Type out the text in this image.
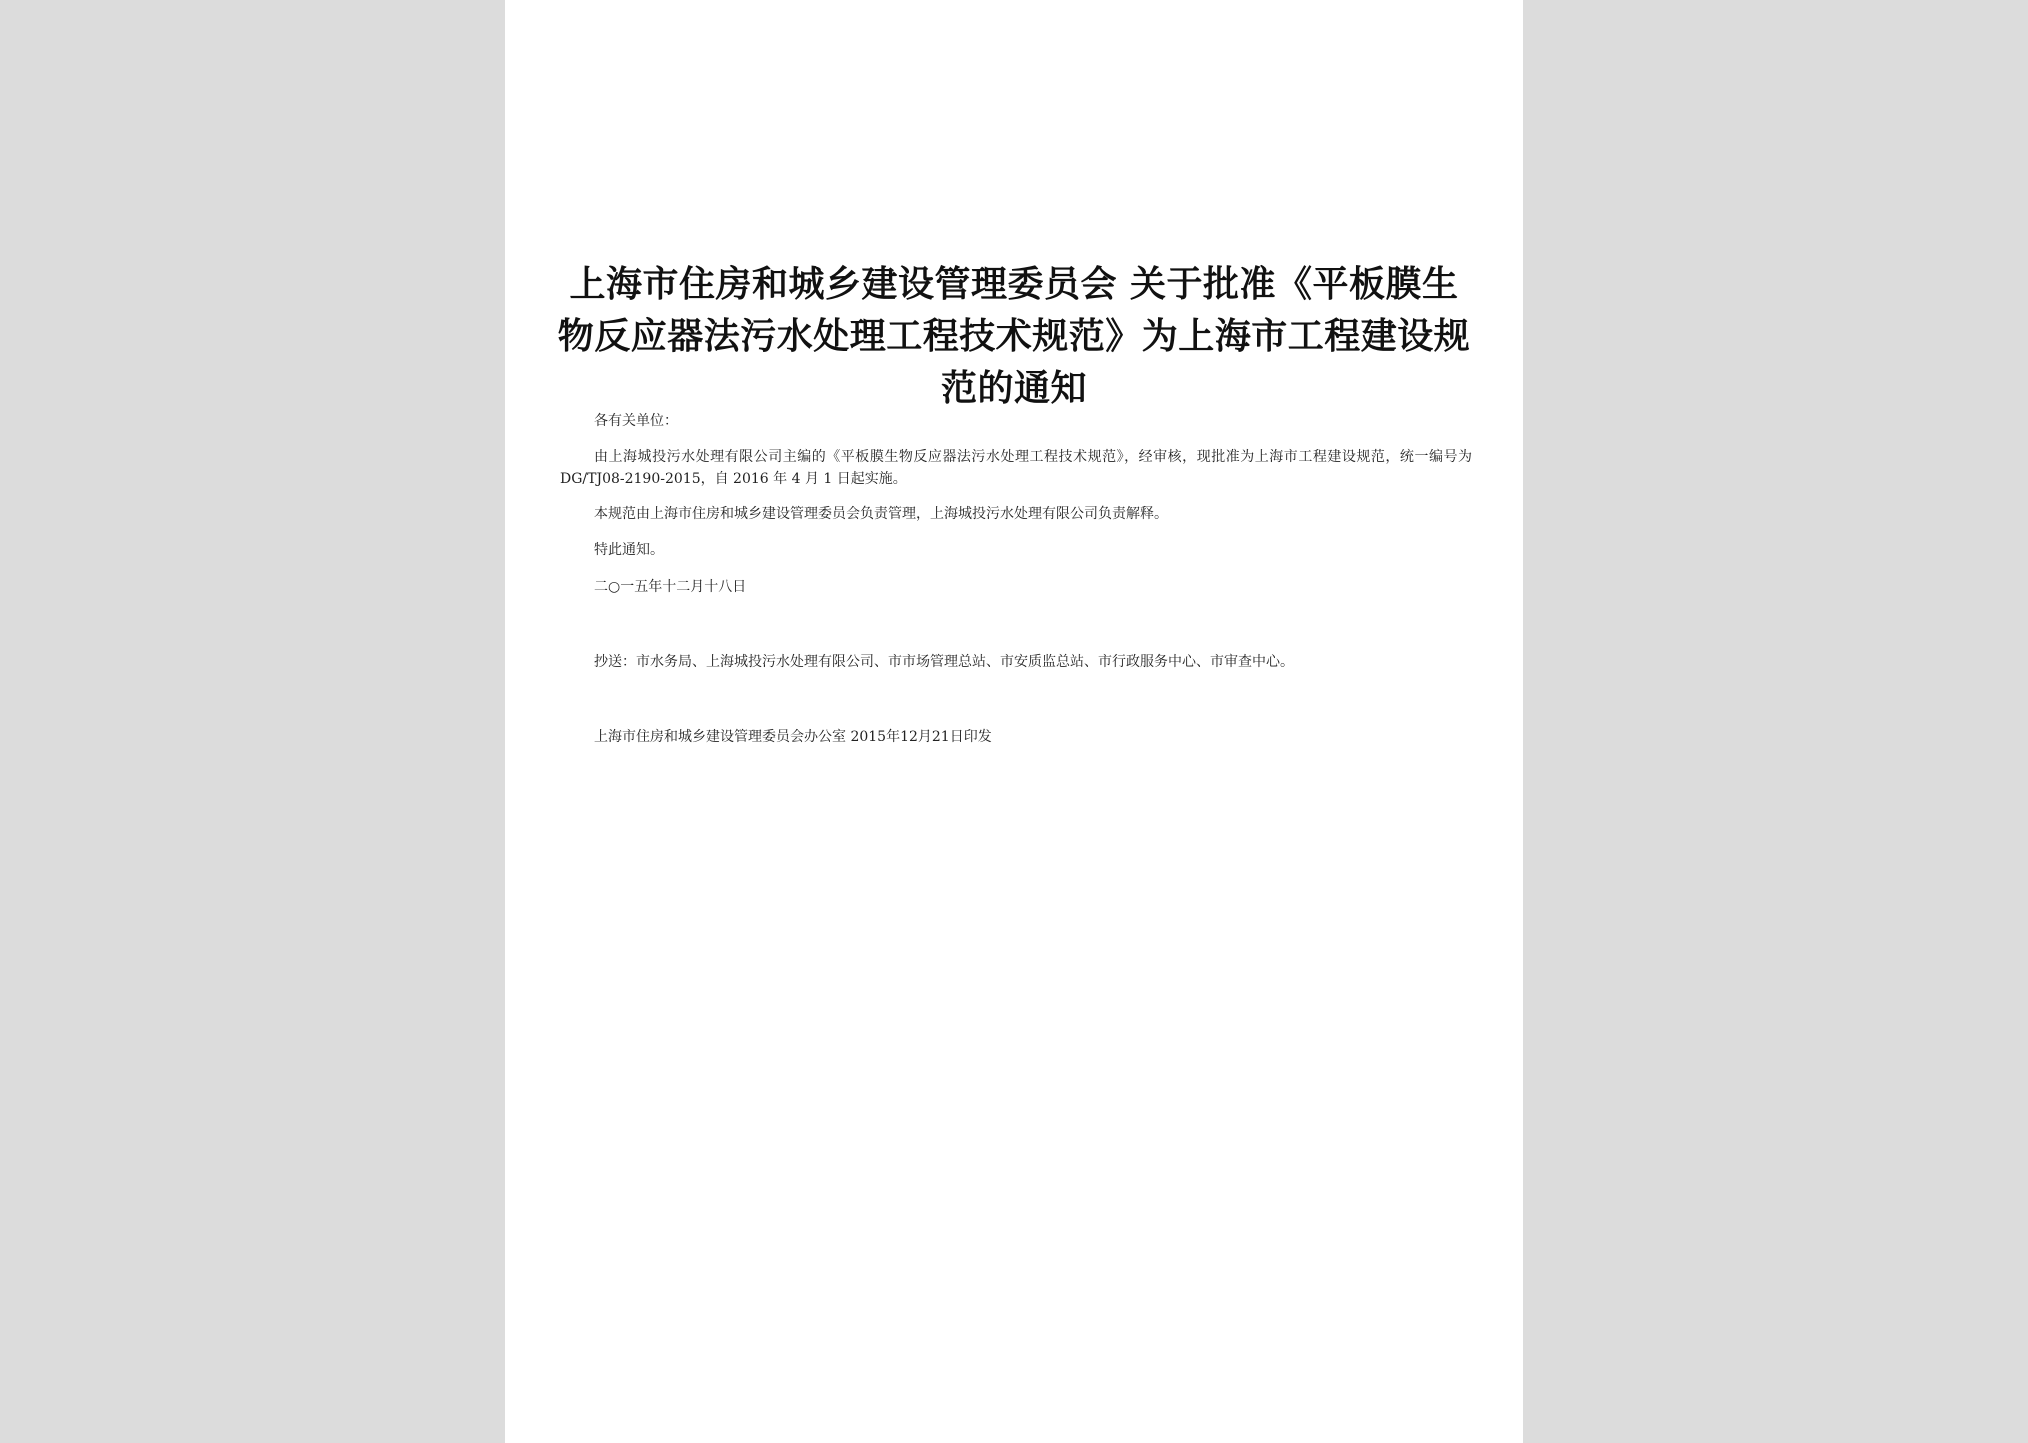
上海市住房和城乡建设管理委员会 关于批准《平板膜生物反应器法污水处理工程技术规范》为上海市工程建设规范的通知

各有关单位：

由上海城投污水处理有限公司主编的《平板膜生物反应器法污水处理工程技术规范》，经审核，现批准为上海市工程建设规范，统一编号为 DG/TJ08-2190-2015，自 2016 年 4 月 1 日起实施。

本规范由上海市住房和城乡建设管理委员会负责管理，上海城投污水处理有限公司负责解释。

特此通知。

二○一五年十二月十八日

抄送：市水务局、上海城投污水处理有限公司、市市场管理总站、市安质监总站、市行政服务中心、市审查中心。

上海市住房和城乡建设管理委员会办公室 2015年12月21日印发
